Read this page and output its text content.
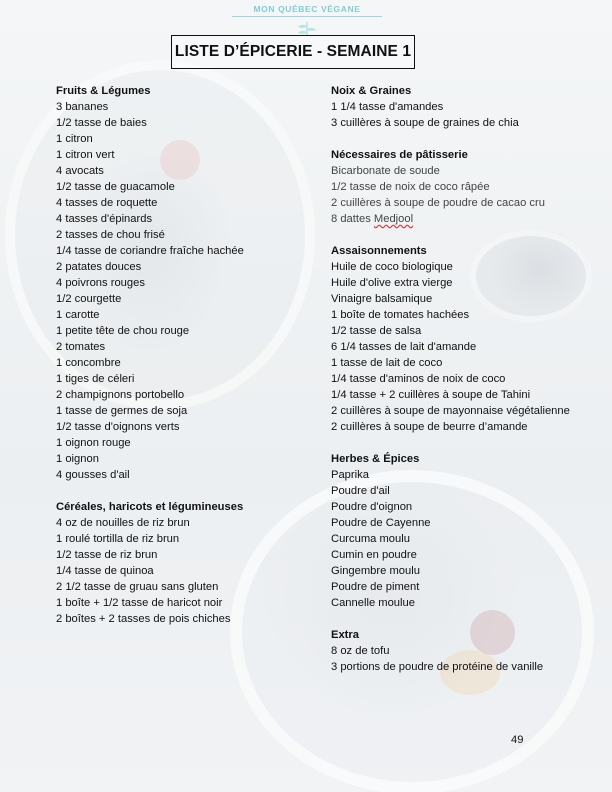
MON QUÉBEC VÉGANE
LISTE D’ÉPICERIE - SEMAINE 1
Fruits & Légumes
3 bananes
1/2 tasse de baies
1 citron
1 citron vert
4 avocats
1/2 tasse de guacamole
4 tasses de roquette
4 tasses d'épinards
2 tasses de chou frisé
1/4 tasse de coriandre fraîche hachée
2 patates douces
4 poivrons rouges
1/2 courgette
1 carotte
1 petite tête de chou rouge
2 tomates
1 concombre
1 tiges de céleri
2 champignons portobello
1 tasse de germes de soja
1/2 tasse d'oignons verts
1 oignon rouge
1 oignon
4 gousses d'ail
Céréales, haricots et légumineuses
4 oz de nouilles de riz brun
1 roulé tortilla de riz brun
1/2 tasse de riz brun
1/4 tasse de quinoa
2 1/2 tasse de gruau sans gluten
1 boîte + 1/2 tasse de haricot noir
2 boîtes + 2 tasses de pois chiches
Noix & Graines
1 1/4 tasse d'amandes
3 cuillères à soupe de graines de chia
Nécessaires de pâtisserie
Bicarbonate de soude
1/2 tasse de noix de coco râpée
2 cuillères à soupe de poudre de cacao cru
8 dattes Medjool
Assaisonnements
Huile de coco biologique
Huile d'olive extra vierge
Vinaigre balsamique
1 boîte de tomates hachées
1/2 tasse de salsa
6 1/4 tasses de lait d'amande
1 tasse de lait de coco
1/4 tasse d'aminos de noix de coco
1/4 tasse + 2 cuillères à soupe de Tahini
2 cuillères à soupe de mayonnaise végétalienne
2 cuillères à soupe de beurre d’amande
Herbes & Épices
Paprika
Poudre d'ail
Poudre d'oignon
Poudre de Cayenne
Curcuma moulu
Cumin en poudre
Gingembre moulu
Poudre de piment
Cannelle moulue
Extra
8 oz de tofu
3 portions de poudre de protéine de vanille
49
